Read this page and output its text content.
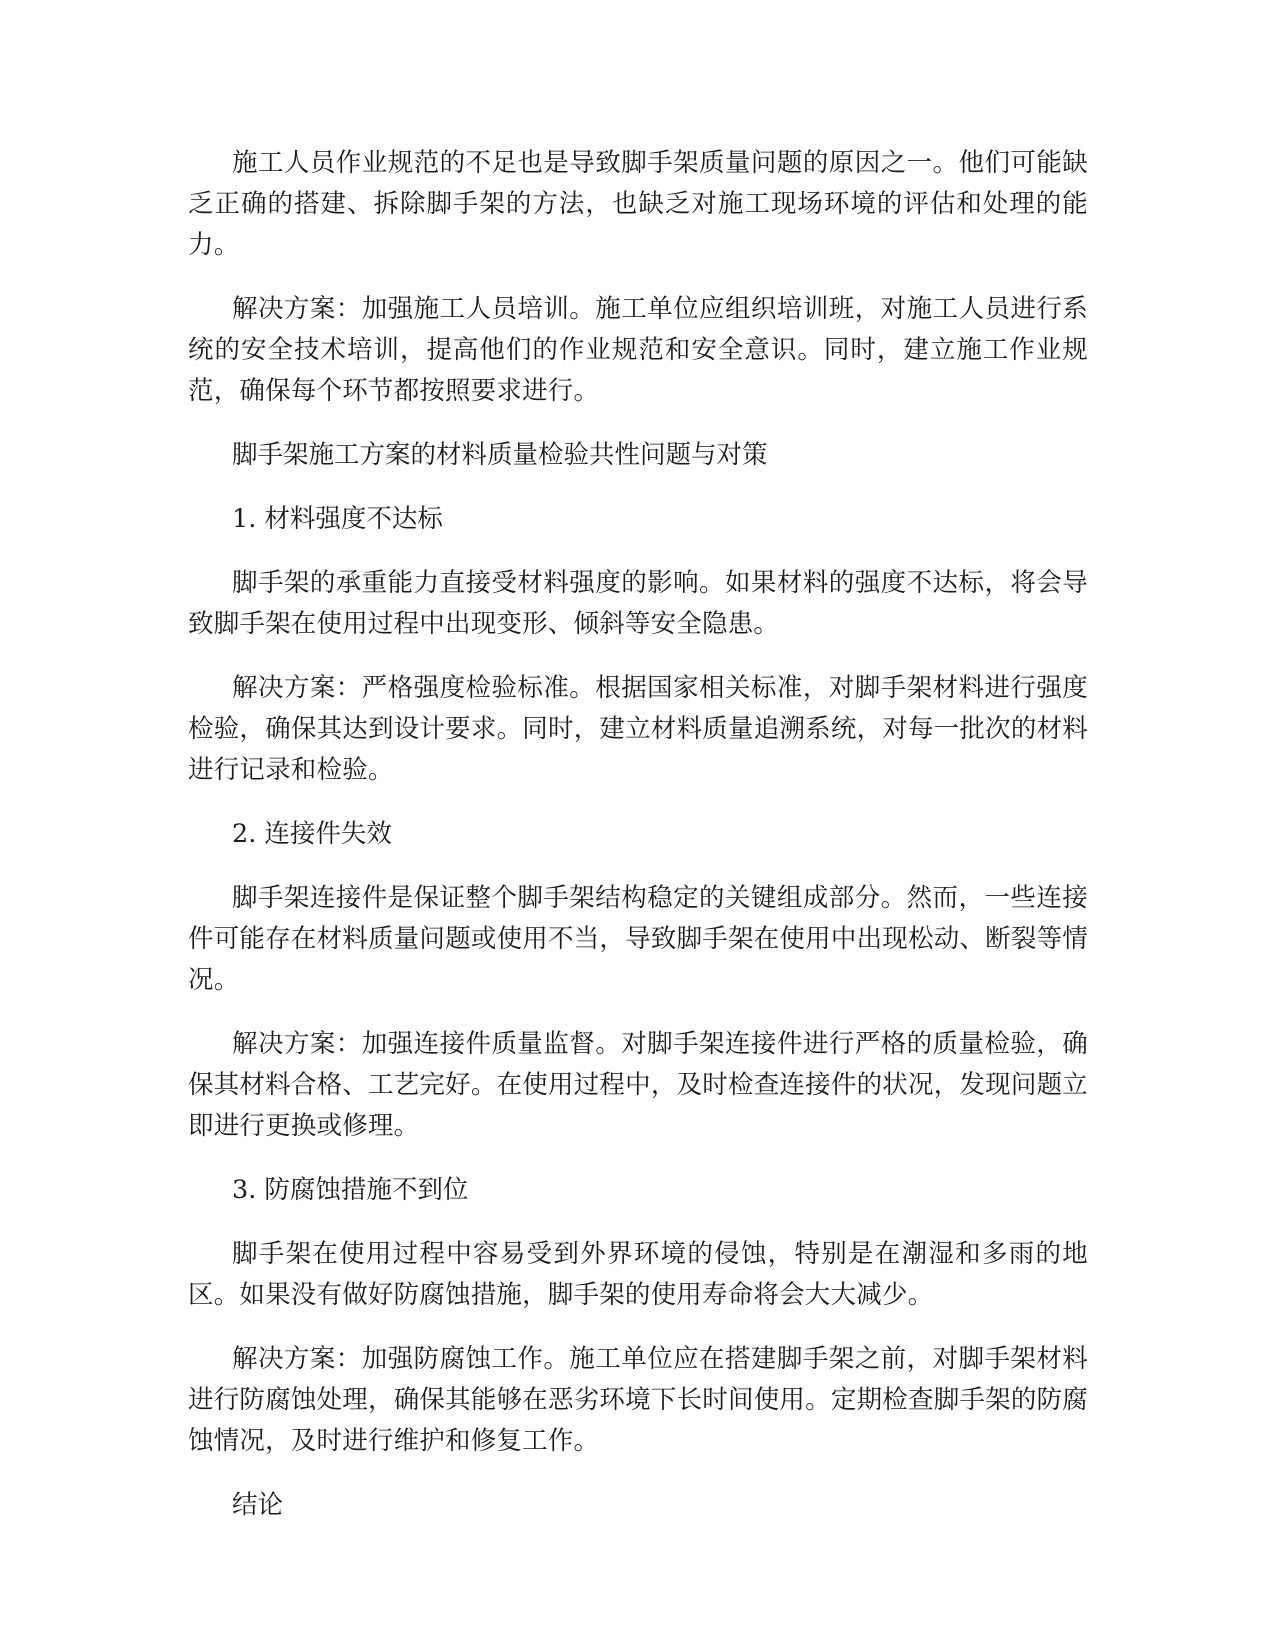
施工人员作业规范的不足也是导致脚手架质量问题的原因之一。他们可能缺乏正确的搭建、拆除脚手架的方法，也缺乏对施工现场环境的评估和处理的能力。

解决方案：加强施工人员培训。施工单位应组织培训班，对施工人员进行系统的安全技术培训，提高他们的作业规范和安全意识。同时，建立施工作业规范，确保每个环节都按照要求进行。

脚手架施工方案的材料质量检验共性问题与对策

1. 材料强度不达标

脚手架的承重能力直接受材料强度的影响。如果材料的强度不达标，将会导致脚手架在使用过程中出现变形、倾斜等安全隐患。

解决方案：严格强度检验标准。根据国家相关标准，对脚手架材料进行强度检验，确保其达到设计要求。同时，建立材料质量追溯系统，对每一批次的材料进行记录和检验。

2. 连接件失效

脚手架连接件是保证整个脚手架结构稳定的关键组成部分。然而，一些连接件可能存在材料质量问题或使用不当，导致脚手架在使用中出现松动、断裂等情况。

解决方案：加强连接件质量监督。对脚手架连接件进行严格的质量检验，确保其材料合格、工艺完好。在使用过程中，及时检查连接件的状况，发现问题立即进行更换或修理。

3. 防腐蚀措施不到位

脚手架在使用过程中容易受到外界环境的侵蚀，特别是在潮湿和多雨的地区。如果没有做好防腐蚀措施，脚手架的使用寿命将会大大减少。

解决方案：加强防腐蚀工作。施工单位应在搭建脚手架之前，对脚手架材料进行防腐蚀处理，确保其能够在恶劣环境下长时间使用。定期检查脚手架的防腐蚀情况，及时进行维护和修复工作。

结论
